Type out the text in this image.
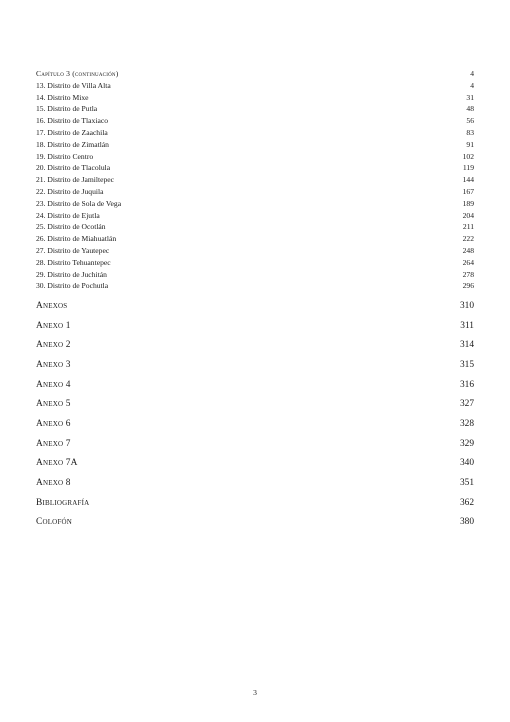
Capítulo 3 (continuación)	4
13. Distrito de Villa Alta	4
14. Distrito Mixe	31
15. Distrito de Putla	48
16. Distrito de Tlaxiaco	56
17. Distrito de Zaachila	83
18. Distrito de Zimatlán	91
19. Distrito Centro	102
20. Distrito de Tlacolula	119
21. Distrito de Jamiltepec	144
22. Distrito de Juquila	167
23. Distrito de Sola de Vega	189
24. Distrito de Ejutla	204
25. Distrito de Ocotlán	211
26. Distrito de Miahuatlán	222
27. Distrito de Yautepec	248
28. Distrito Tehuantepec	264
29. Distrito de Juchitán	278
30. Distrito de Pochutla	296
Anexos	310
Anexo 1	311
Anexo 2	314
Anexo 3	315
Anexo 4	316
Anexo 5	327
Anexo 6	328
Anexo 7	329
Anexo 7A	340
Anexo 8	351
Bibliografía	362
Colofón	380
3
